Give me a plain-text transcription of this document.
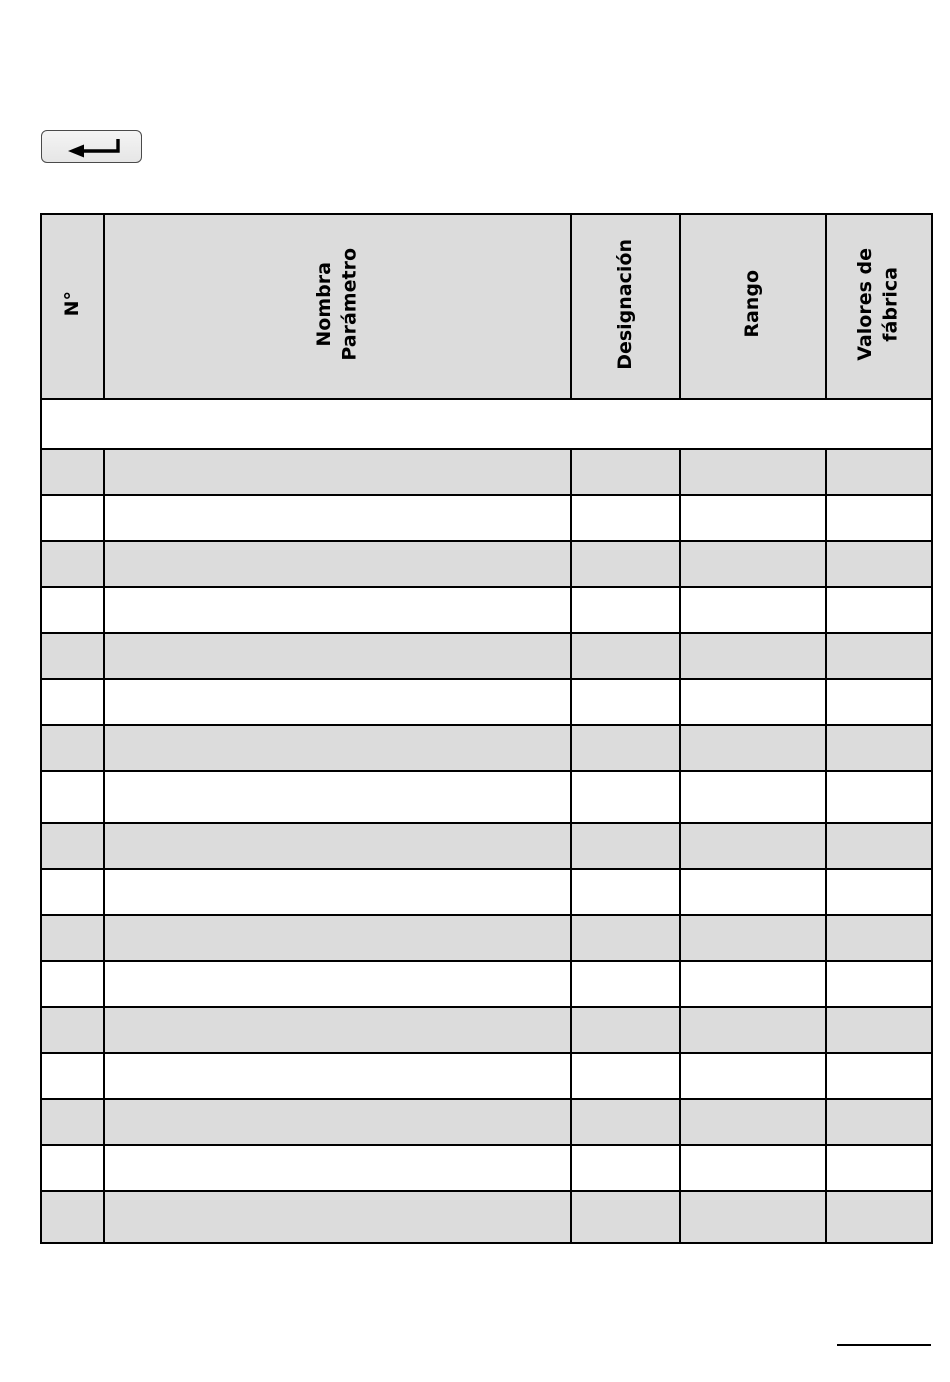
N°	Nombra Parámetro	Designación	Rango	Valores de fábrica
